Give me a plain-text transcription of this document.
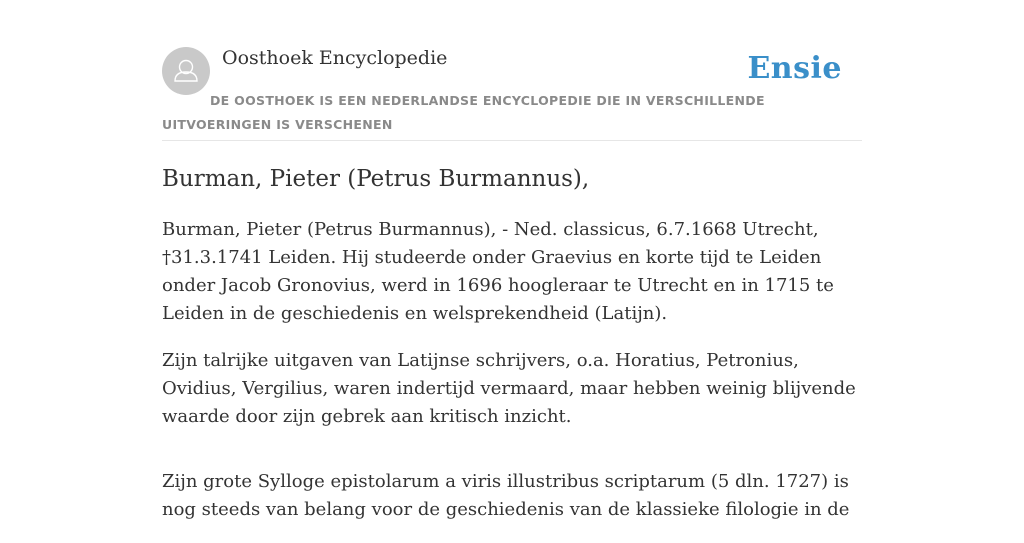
Oosthoek Encyclopedie	Ensie
DE OOSTHOEK IS EEN NEDERLANDSE ENCYCLOPEDIE DIE IN VERSCHILLENDE UITVOERINGEN IS VERSCHENEN
Burman, Pieter (Petrus Burmannus),

Burman, Pieter (Petrus Burmannus), - Ned. classicus, 6.7.1668 Utrecht, †31.3.1741 Leiden. Hij studeerde onder Graevius en korte tijd te Leiden onder Jacob Gronovius, werd in 1696 hoogleraar te Utrecht en in 1715 te Leiden in de geschiedenis en welsprekendheid (Latijn).

Zijn talrijke uitgaven van Latijnse schrijvers, o.a. Horatius, Petronius, Ovidius, Vergilius, waren indertijd vermaard, maar hebben weinig blijvende waarde door zijn gebrek aan kritisch inzicht.

Zijn grote Sylloge epistolarum a viris illustribus scriptarum (5 dln. 1727) is nog steeds van belang voor de geschiedenis van de klassieke filologie in de
